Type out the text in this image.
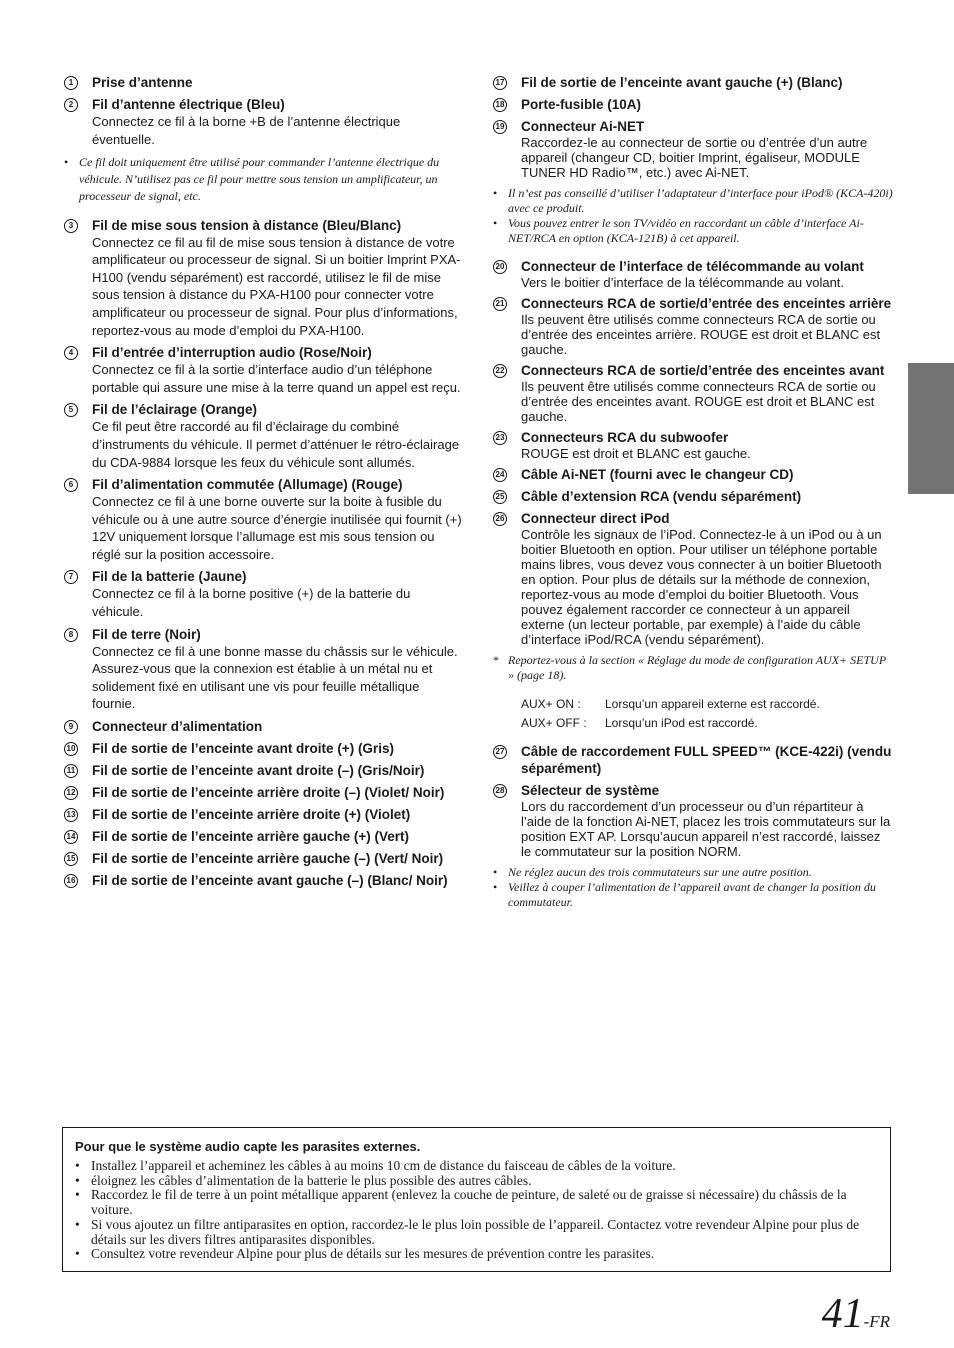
1	Prise d’antenne
2	Fil d’antenne électrique (Bleu)
Connectez ce fil à la borne +B de l’antenne électrique éventuelle.
• Ce fil doit uniquement être utilisé pour commander l’antenne électrique du véhicule. N’utilisez pas ce fil pour mettre sous tension un amplificateur, un processeur de signal, etc.
3	Fil de mise sous tension à distance (Bleu/Blanc)
Connectez ce fil au fil de mise sous tension à distance de votre amplificateur ou processeur de signal. Si un boitier Imprint PXA-H100 (vendu séparément) est raccordé, utilisez le fil de mise sous tension à distance du PXA-H100 pour connecter votre amplificateur ou processeur de signal. Pour plus d’informations, reportez-vous au mode d’emploi du PXA-H100.
4	Fil d’entrée d’interruption audio (Rose/Noir)
Connectez ce fil à la sortie d’interface audio d’un téléphone portable qui assure une mise à la terre quand un appel est reçu.
5	Fil de l’éclairage (Orange)
Ce fil peut être raccordé au fil d’éclairage du combiné d’instruments du véhicule. Il permet d’atténuer le rétro-éclairage du CDA-9884 lorsque les feux du véhicule sont allumés.
6	Fil d’alimentation commutée (Allumage) (Rouge)
Connectez ce fil à une borne ouverte sur la boite à fusible du véhicule ou à une autre source d’énergie inutilisée qui fournit (+) 12V uniquement lorsque l’allumage est mis sous tension ou réglé sur la position accessoire.
7	Fil de la batterie (Jaune)
Connectez ce fil à la borne positive (+) de la batterie du véhicule.
8	Fil de terre (Noir)
Connectez ce fil à une bonne masse du châssis sur le véhicule. Assurez-vous que la connexion est établie à un métal nu et solidement fixé en utilisant une vis pour feuille métallique fournie.
9	Connecteur d’alimentation
10 Fil de sortie de l’enceinte avant droite (+) (Gris)
11 Fil de sortie de l’enceinte avant droite (–) (Gris/Noir)
12 Fil de sortie de l’enceinte arrière droite (–) (Violet/ Noir)
13 Fil de sortie de l’enceinte arrière droite (+) (Violet)
14 Fil de sortie de l’enceinte arrière gauche (+) (Vert)
15 Fil de sortie de l’enceinte arrière gauche (–) (Vert/ Noir)
16 Fil de sortie de l’enceinte avant gauche (–) (Blanc/ Noir)
17 Fil de sortie de l’enceinte avant gauche (+) (Blanc)
18 Porte-fusible (10A)
19 Connecteur Ai-NET
Raccordez-le au connecteur de sortie ou d’entrée d’un autre appareil (changeur CD, boitier Imprint, égaliseur, MODULE TUNER HD Radio™, etc.) avec Ai-NET.
• Il n’est pas conseillé d’utiliser l’adaptateur d’interface pour iPod® (KCA-420i) avec ce produit.
• Vous pouvez entrer le son TV/vidéo en raccordant un câble d’interface Ai-NET/RCA en option (KCA-121B) à cet appareil.
20 Connecteur de l’interface de télécommande au volant
Vers le boitier d’interface de la télécommande au volant.
21 Connecteurs RCA de sortie/d’entrée des enceintes arrière
Ils peuvent être utilisés comme connecteurs RCA de sortie ou d’entrée des enceintes arrière. ROUGE est droit et BLANC est gauche.
22 Connecteurs RCA de sortie/d’entrée des enceintes avant
Ils peuvent être utilisés comme connecteurs RCA de sortie ou d’entrée des enceintes avant. ROUGE est droit et BLANC est gauche.
23 Connecteurs RCA du subwoofer
ROUGE est droit et BLANC est gauche.
24 Câble Ai-NET (fourni avec le changeur CD)
25 Câble d’extension RCA (vendu séparément)
26 Connecteur direct iPod
Contrôle les signaux de l’iPod. Connectez-le à un iPod ou à un boitier Bluetooth en option. Pour utiliser un téléphone portable mains libres, vous devez vous connecter à un boitier Bluetooth en option. Pour plus de détails sur la méthode de connexion, reportez-vous au mode d’emploi du boitier Bluetooth. Vous pouvez également raccorder ce connecteur à un appareil externe (un lecteur portable, par exemple) à l’aide du câble d’interface iPod/RCA (vendu séparément).
* Reportez-vous à la section « Réglage du mode de configuration AUX+ SETUP » (page 18).
AUX+ ON : Lorsqu’un appareil externe est raccordé.
AUX+ OFF : Lorsqu’un iPod est raccordé.
27 Câble de raccordement FULL SPEED™ (KCE-422i) (vendu séparément)
28 Sélecteur de système
Lors du raccordement d’un processeur ou d’un répartiteur à l’aide de la fonction Ai-NET, placez les trois commutateurs sur la position EXT AP. Lorsqu’aucun appareil n’est raccordé, laissez le commutateur sur la position NORM.
• Ne réglez aucun des trois commutateurs sur une autre position.
• Veillez à couper l’alimentation de l’appareil avant de changer la position du commutateur.
Pour que le système audio capte les parasites externes.
• Installez l’appareil et acheminez les câbles à au moins 10 cm de distance du faisceau de câbles de la voiture.
• éloignez les câbles d’alimentation de la batterie le plus possible des autres câbles.
• Raccordez le fil de terre à un point métallique apparent (enlevez la couche de peinture, de saleté ou de graisse si nécessaire) du châssis de la voiture.
• Si vous ajoutez un filtre antiparasites en option, raccordez-le le plus loin possible de l’appareil. Contactez votre revendeur Alpine pour plus de détails sur les divers filtres antiparasites disponibles.
• Consultez votre revendeur Alpine pour plus de détails sur les mesures de prévention contre les parasites.
41-FR
